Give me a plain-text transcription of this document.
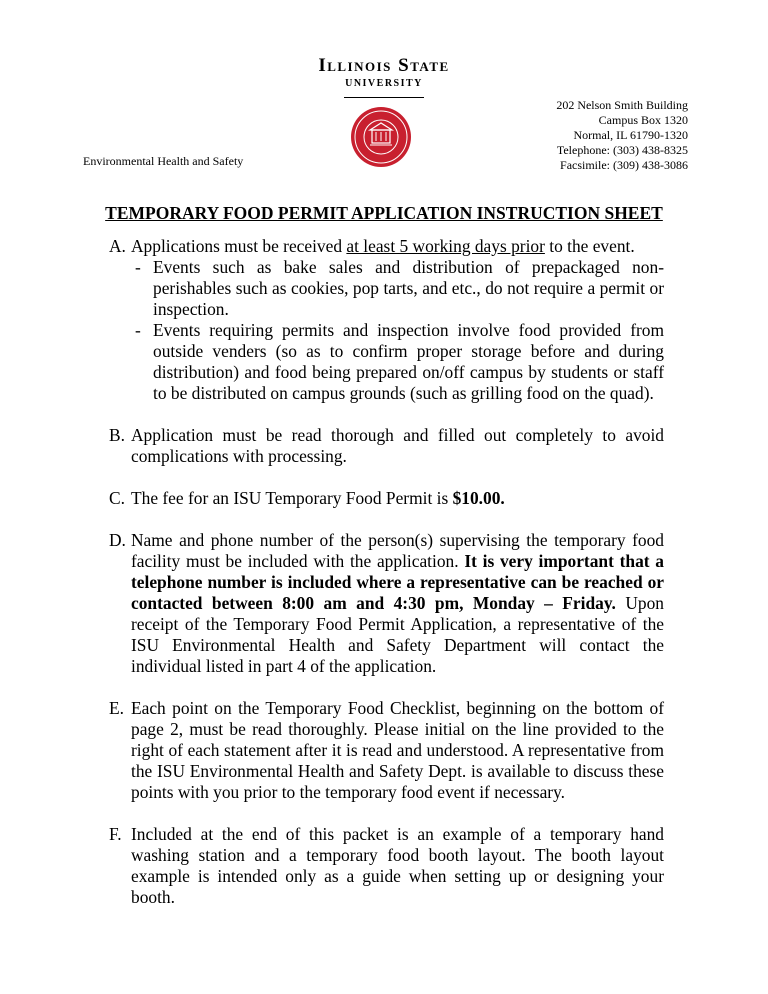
Illinois State
UNIVERSITY
Environmental Health and Safety
202 Nelson Smith Building
Campus Box 1320
Normal, IL 61790-1320
Telephone: (303) 438-8325
Facsimile: (309) 438-3086
TEMPORARY FOOD PERMIT APPLICATION INSTRUCTION SHEET
A. Applications must be received at least 5 working days prior to the event.
- Events such as bake sales and distribution of prepackaged non-perishables such as cookies, pop tarts, and etc., do not require a permit or inspection.
- Events requiring permits and inspection involve food provided from outside venders (so as to confirm proper storage before and during distribution) and food being prepared on/off campus by students or staff to be distributed on campus grounds (such as grilling food on the quad).
B. Application must be read thorough and filled out completely to avoid complications with processing.
C. The fee for an ISU Temporary Food Permit is $10.00.
D. Name and phone number of the person(s) supervising the temporary food facility must be included with the application. It is very important that a telephone number is included where a representative can be reached or contacted between 8:00 am and 4:30 pm, Monday – Friday. Upon receipt of the Temporary Food Permit Application, a representative of the ISU Environmental Health and Safety Department will contact the individual listed in part 4 of the application.
E. Each point on the Temporary Food Checklist, beginning on the bottom of page 2, must be read thoroughly. Please initial on the line provided to the right of each statement after it is read and understood. A representative from the ISU Environmental Health and Safety Dept. is available to discuss these points with you prior to the temporary food event if necessary.
F. Included at the end of this packet is an example of a temporary hand washing station and a temporary food booth layout. The booth layout example is intended only as a guide when setting up or designing your booth.
